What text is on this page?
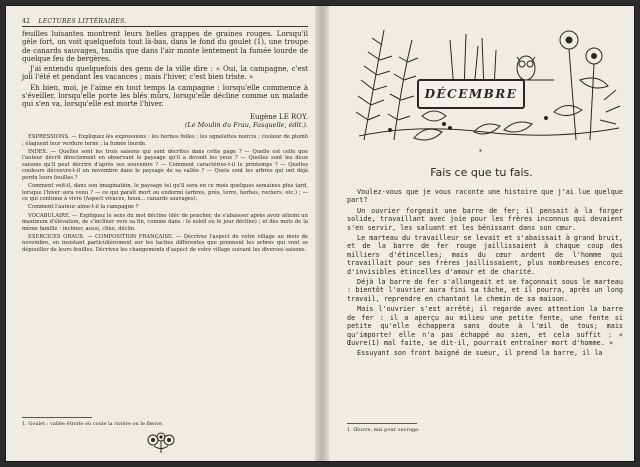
42 LECTURES LITTÉRAIRES.

feuilles luisantes montrent leurs belles grappes de graines rouges. Lorsqu'il gèle fort, on voit quelquefois tout là-bas, dans le fond du goulet (1), une troupe de canards sauvages, tandis que dans l'air monte lentement la fumée lourde de quelque feu de bergères.

J'ai entendu quelquefois des gens de la ville dire : « Oui, la campagne, c'est joli l'été et pendant les vacances ; mais l'hiver, c'est bien triste. »

Eh bien, moi, je l'aime en tout temps la campagne : lorsqu'elle commence à s'éveiller, lorsqu'elle porte les blés mûrs, lorsqu'elle décline comme un malade qui s'en va, lorsqu'elle est morte l'hiver.

Eugène LE ROY.
(Le Moulin du Frau, Fasquelle, édit.).

EXPRESSIONS. — Expliquez les expressions : les herbes folles ; les ognelettes noircis ; couleur de plomb ; élaguent leur verdure terne ; la fumée lourde.

INDEX. — Quelles sont les trois saisons qui sont décrites dans cette page ? — Quelle est celle que l'auteur décrit directement en observant le paysage qu'il a devant les yeux ? — Quelles sont les deux saisons qu'il peut décrire d'après ses souvenirs ? — Comment caractérise-t-il le printemps ? — Quelles couleurs découvre-t-il en novembre dans le paysage de sa vallée ? — Quels sont les arbres qui ont déjà perdu leurs feuilles ?

Comment voit-il, dans son imagination, le paysage tel qu'il sera en ce mois quelques semaines plus tard, lorsque l'hiver sera venu ? — ce qui paraît mort ou endormi (arbres, prés, terre, herbes, rochers, etc.) ; — ce qui continue à vivre (Aspect vivaces, houx... canards sauvages).

Comment l'auteur aime-t-il la campagne ?

VOCABULAIRE. — Expliquez le sens du mot décline (déc de pencher, de s'abaisser après avoir atteint un maximum d'élévation, de s'incliner vers sa fin, comme dans : le soleil ou le jour décline) ; et des mots de la même famille : incliner, aussi, cline, déclin.

EXERCICES ORAUX. — COMPOSITION FRANÇAISE. — Décrivez l'aspect de votre village au mois de novembre, en insistant particulièrement sur les taches différentes que prennent les arbres qui vont se dépouiller de leurs feuilles. Décrivez les changements d'aspect de votre village suivant les diverses saisons.

1. Goulet : vallée étroite où coule la rivière ou le fleuve.
DÉCEMBRE
*
Fais ce que tu fais.

Voulez-vous que je vous raconte une histoire que j'ai lue quelque part?

Un ouvrier forgeait une barre de fer; il pensait à la forger solide, travaillant avec joie pour les frères inconnus qui devaient s'en servir, les saluant et les bénissant dans son cœur.

Le marteau du travailleur se levait et s'abaissait à grand bruit, et de la barre de fer rouge jaillissaient à chaque coup des milliers d'étincelles; mais du cœur ardent de l'homme qui travaillait pour ses frères jaillissaient, plus nombreuses encore, d'invisibles étincelles d'amour et de charité.

Déjà la barre de fer s'allongeait et se façonnait sous le marteau : bientôt l'ouvrier aura fini sa tâche, et il pourra, après un long travail, reprendre en chantant le chemin de sa maison.

Mais l'ouvrier s'est arrêté; il regarde avec attention la barre de fer : il a aperçu au milieu une petite fente, une fente si petite qu'elle échappera sans doute à l'œil de tous; mais qu'importe! elle n'a pas échappé au sien, et cela suffit : « Œuvre(1) mal faite, se dit-il, pourrait entraîner mort d'homme. »

Essuyant son front baigné de sueur, il prend la barre, il la

1. Œuvre, mis pour ouvrage.
